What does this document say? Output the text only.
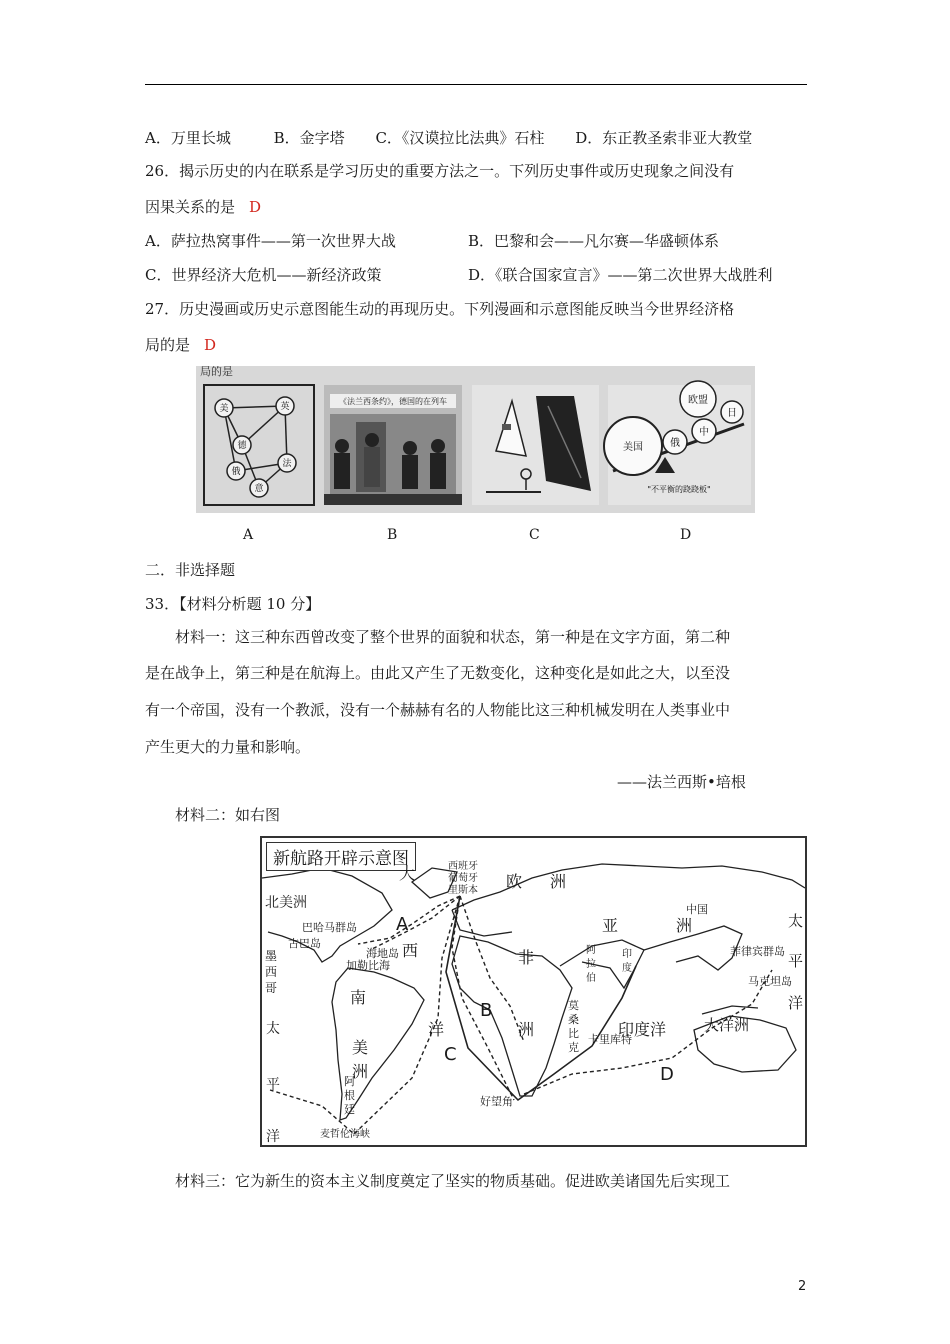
A．万里长城	B．金字塔 C．《汉谟拉比法典》石柱 D．东正教圣索非亚大教堂
26．揭示历史的内在联系是学习历史的重要方法之一。下列历史事件或历史现象之间没有
因果关系的是 D
A．萨拉热窝事件——第一次世界大战	B．巴黎和会——凡尔赛—华盛顿体系
C．世界经济大危机——新经济政策	D．《联合国家宣言》——第二次世界大战胜利
27．历史漫画或历史示意图能生动的再现历史。下列漫画和示意图能反映当今世界经济格
局的是 D
局的是
美	英
德
俄
法
意
《法兰西条约》，德国的在列车	欧盟
美国	俄
中
日
"不平衡的跷跷板"
A	B	C	D
二．非选择题
33．【材料分析题 10 分】
材料一：这三种东西曾改变了整个世界的面貌和状态，第一种是在文字方面，第二种
是在战争上，第三种是在航海上。由此又产生了无数变化，这种变化是如此之大，以至没
有一个帝国，没有一个教派，没有一个赫赫有名的人物能比这三种机械发明在人类事业中
产生更大的力量和影响。
——法兰西斯•培根
材料二：如右图
新航路开辟示意图
大
西
洋
欧 洲
北美洲
墨
西
哥
巴哈马群岛
古巴岛
海地岛
加勒比海
西班牙
葡萄牙
里斯本
亚	洲
中国
印
度
阿
拉
伯
卡里库特
非
洲
莫
桑
比
克
好望角
印度洋
菲律宾群岛
马克坦岛
太
平
洋
大洋洲
南
美
洲
阿
根
廷
太
平
洋	麦哲伦海峡
A
B
C
D
材料三：它为新生的资本主义制度奠定了坚实的物质基础。促进欧美诸国先后实现工
2
